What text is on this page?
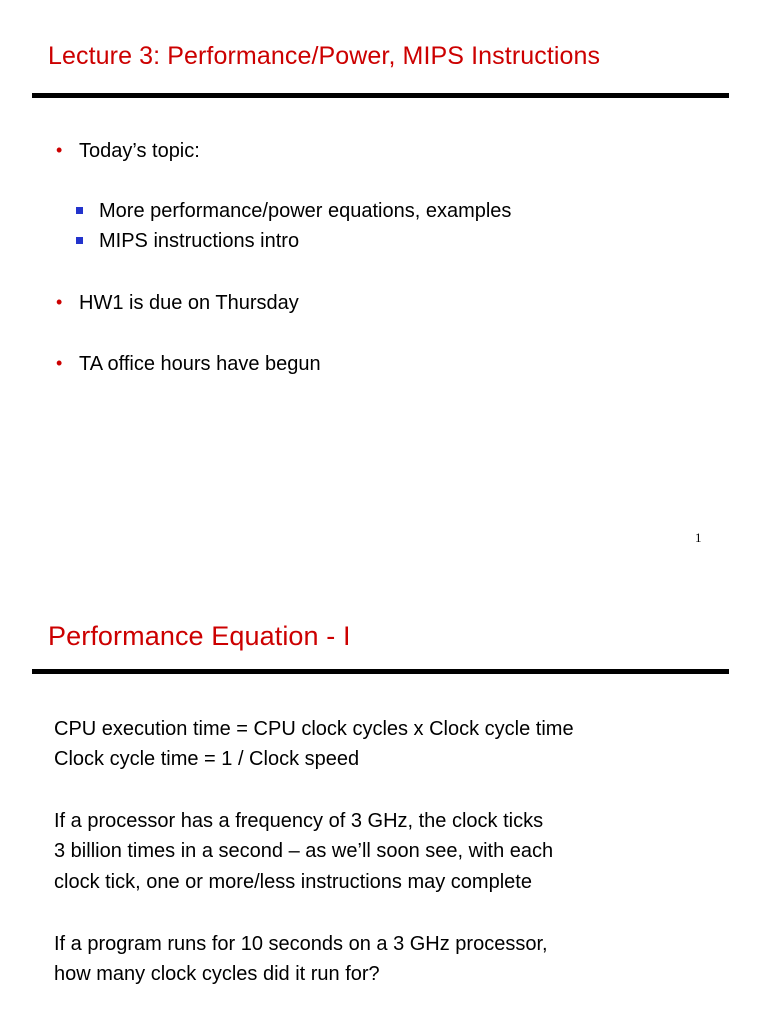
Lecture 3: Performance/Power, MIPS Instructions
• Today’s topic:
More performance/power equations, examples
MIPS instructions intro
• HW1 is due on Thursday
• TA office hours have begun
1
Performance Equation - I
CPU execution time = CPU clock cycles x Clock cycle time
Clock cycle time = 1 / Clock speed
If a processor has a frequency of 3 GHz, the clock ticks
3 billion times in a second – as we’ll soon see, with each
clock tick, one or more/less instructions may complete
If a program runs for 10 seconds on a 3 GHz processor,
how many clock cycles did it run for?
